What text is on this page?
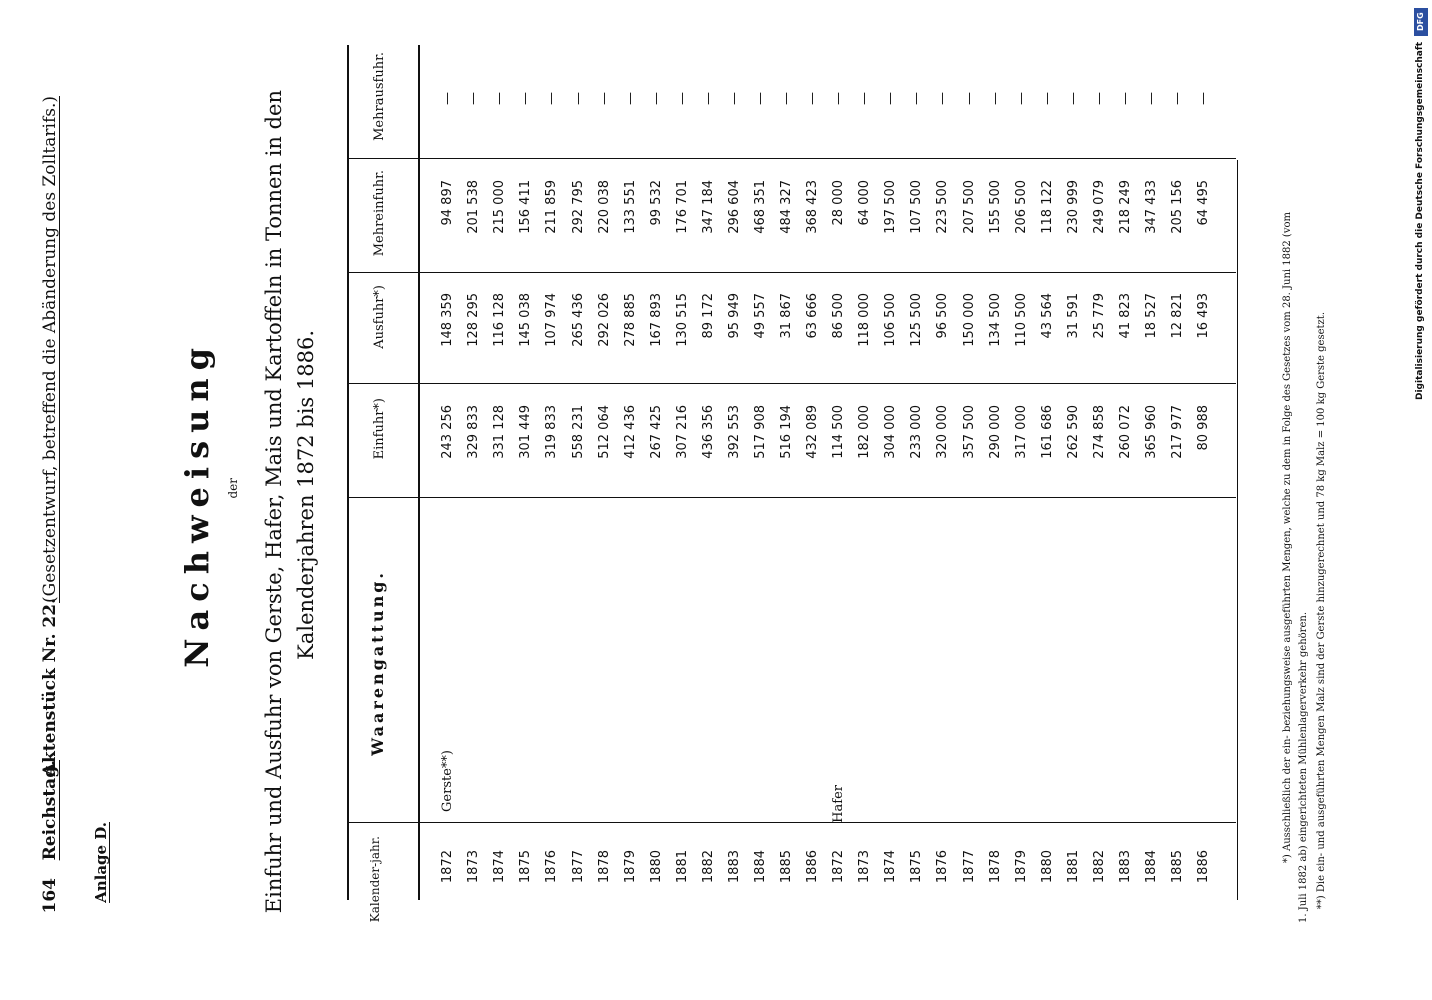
164
Reichstag.
Aktenstück Nr. 22.
(Gesetzentwurf, betreffend die Abänderung des Zolltarifs.)
Anlage D.
Nachweisung der Einfuhr und Ausfuhr von Gerste, Hafer, Mais und Kartoffeln in Tonnen in den Kalenderjahren 1872 bis 1886.
Kalender-jahr.
Waarengattung.
Einfuhr*)
Ausfuhr*)
Mehreinfuhr.
Mehrausfuhr.
Gerste**)	Hafer
1872
243 256
148 359
94 897
—
1873
329 833
128 295
201 538
—
1874
331 128
116 128
215 000
—
1875
301 449
145 038
156 411
—
1876
319 833
107 974
211 859
—
1877
558 231
265 436
292 795
—
1878
512 064
292 026
220 038
—
1879
412 436
278 885
133 551
—
1880
267 425
167 893
99 532
—
1881
307 216
130 515
176 701
—
1882
436 356
89 172
347 184
—
1883
392 553
95 949
296 604
—
1884
517 908
49 557
468 351
—
1885
516 194
31 867
484 327
—
1886
432 089
63 666
368 423
—
1872
114 500
86 500
28 000
—
1873
182 000
118 000
64 000
—
1874
304 000
106 500
197 500
—
1875
233 000
125 500
107 500
—
1876
320 000
96 500
223 500
—
1877
357 500
150 000
207 500
—
1878
290 000
134 500
155 500
—
1879
317 000
110 500
206 500
—
1880
161 686
43 564
118 122
—
1881
262 590
31 591
230 999
—
1882
274 858
25 779
249 079
—
1883
260 072
41 823
218 249
—
1884
365 960
18 527
347 433
—
1885
217 977
12 821
205 156
—
1886
80 988
16 493
64 495
—
*) Ausschließlich der ein- beziehungsweise ausgeführten Mengen, welche zu dem in Folge des Gesetzes vom 28. Juni 1882 (vom 1. Juli 1882 ab) eingerichteten Mühlenlagerverkehr gehören. **) Die ein- und ausgeführten Mengen Malz sind der Gerste hinzugerechnet und 78 kg Malz = 100 kg Gerste gesetzt.
DFG
Digitalisierung gefördert durch die Deutsche Forschungsgemeinschaft
